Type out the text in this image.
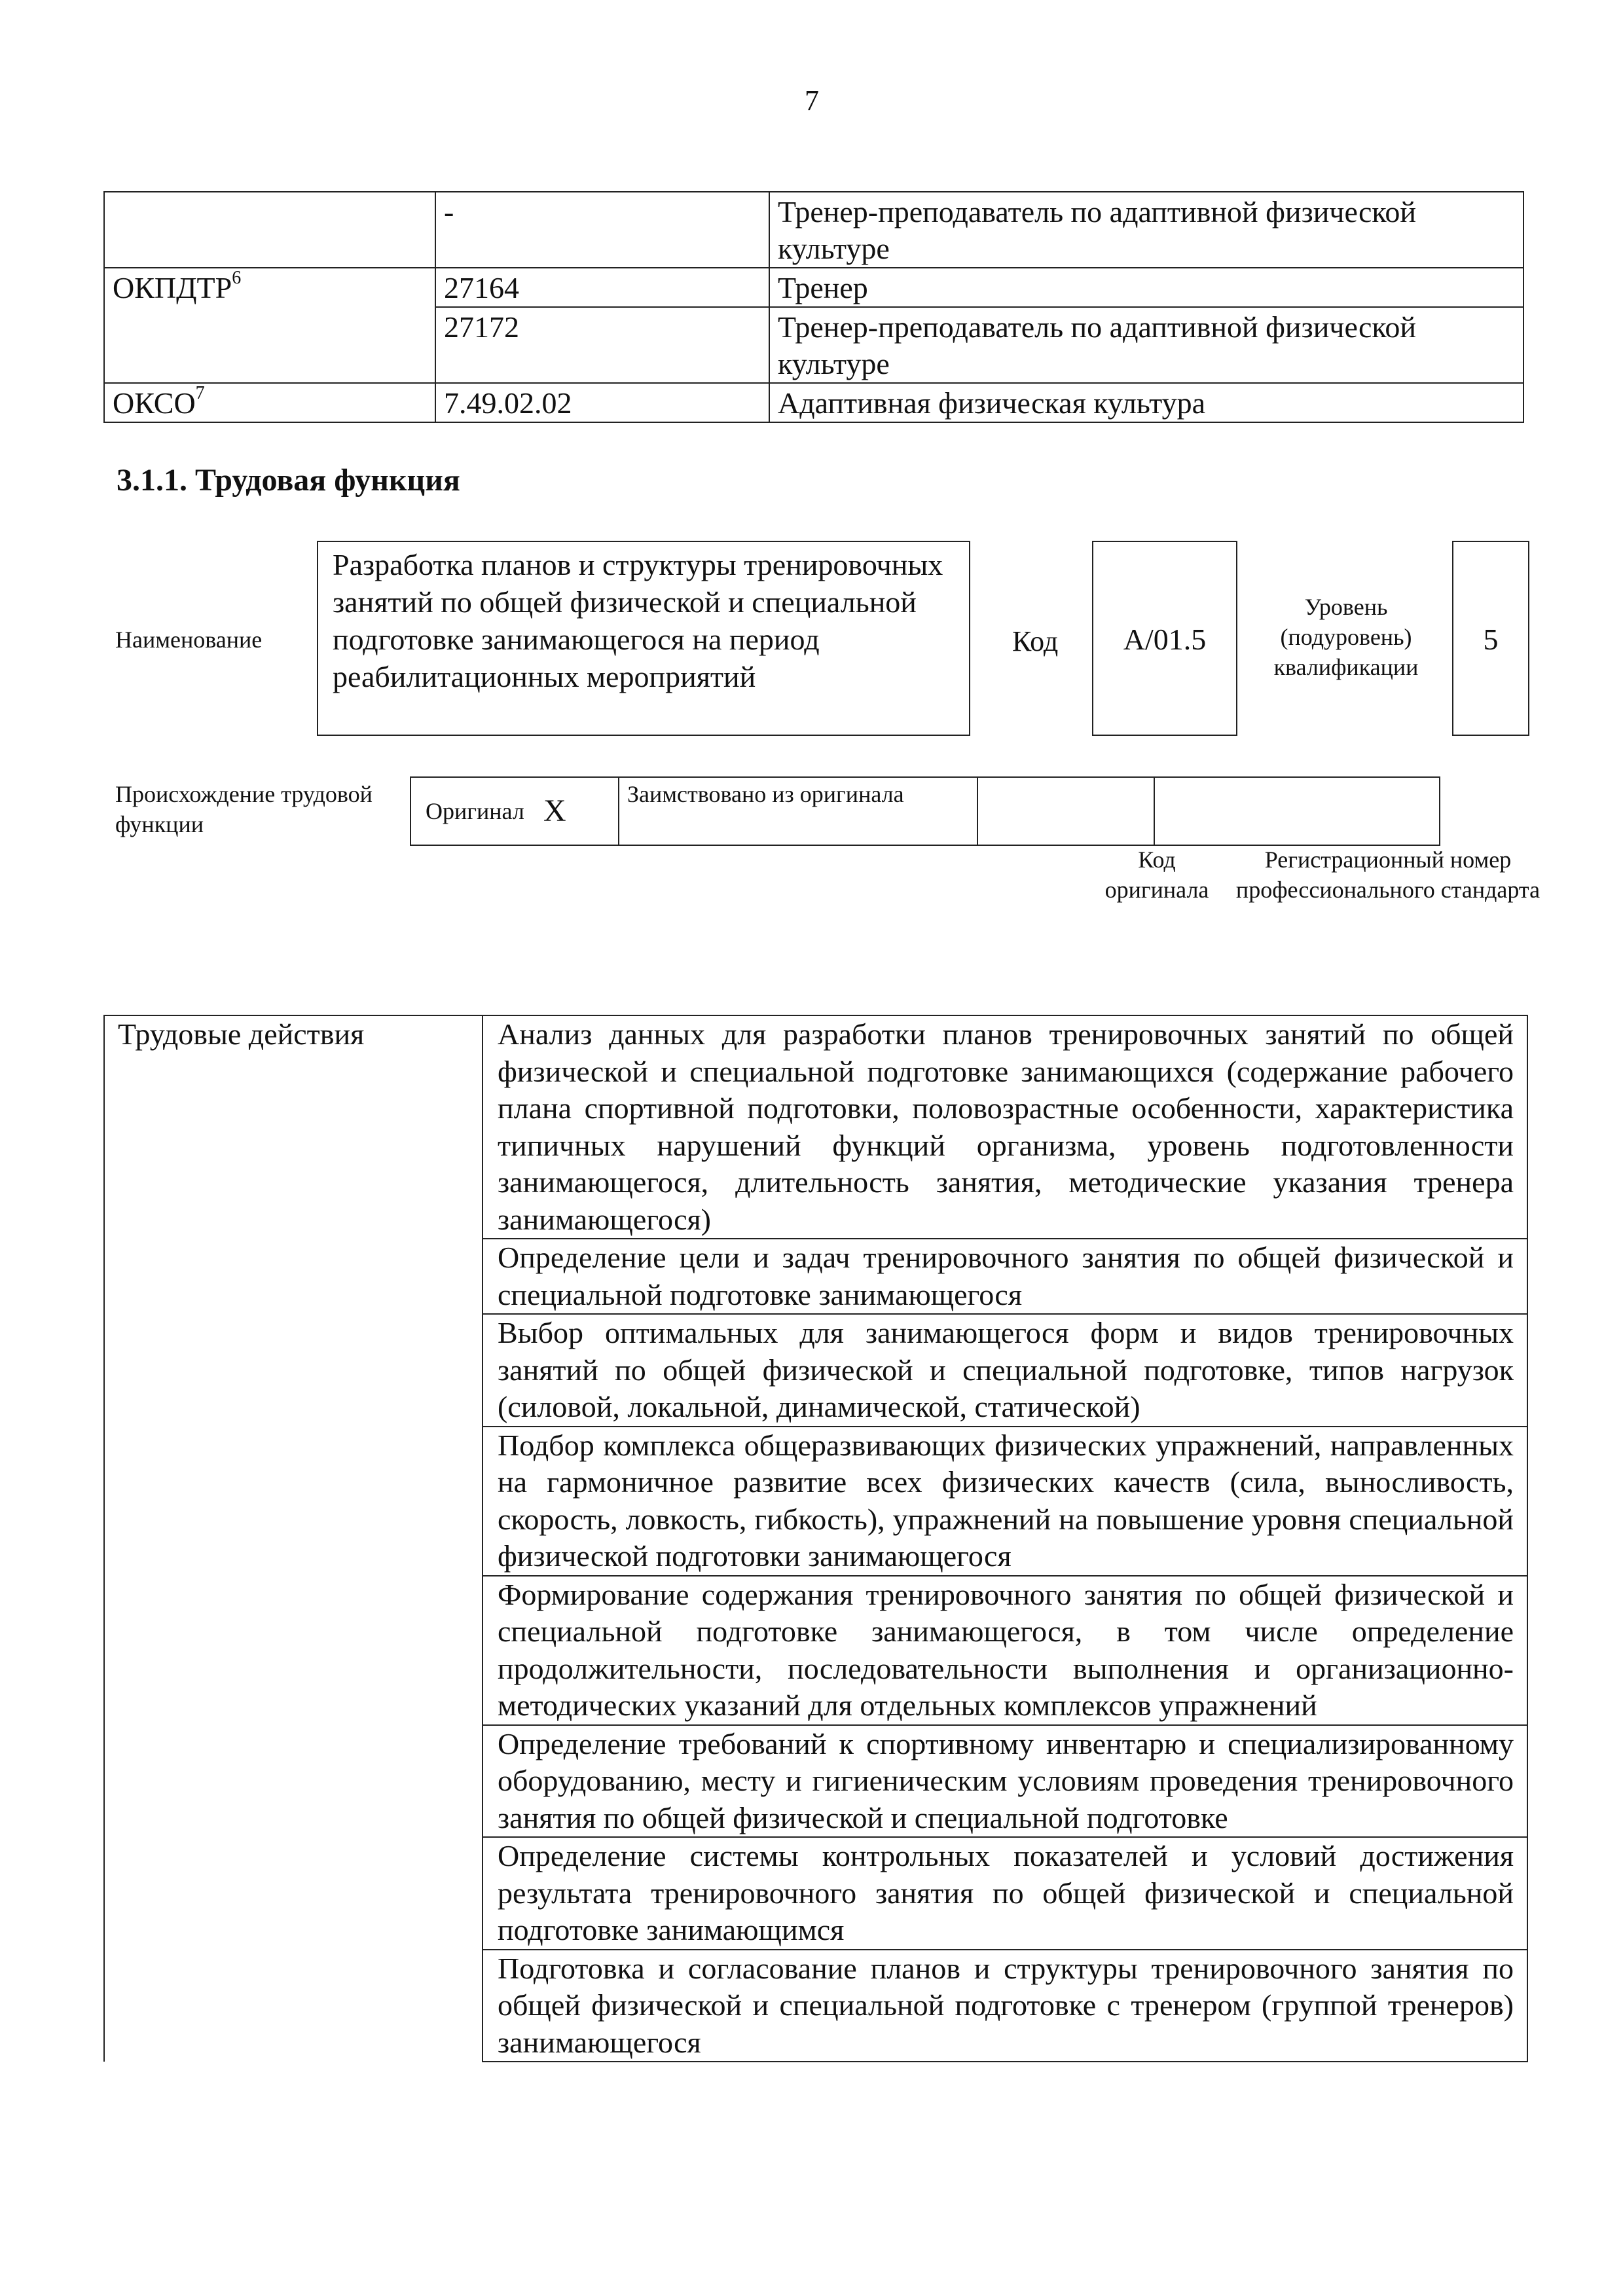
7
	-	Тренер-преподаватель по адаптивной физической культуре
ОКПДТР$^6$	27164	Тренер
	27172	Тренер-преподаватель по адаптивной физической культуре
ОКСО$^7$	7.49.02.02	Адаптивная физическая культура
3.1.1. Трудовая функция
Наименование
Разработка планов и структуры тренировочных занятий по общей физической и специальной подготовке занимающегося на период реабилитационных мероприятий
Код	A/01.5
Уровень (подуровень) квалификации
5
Происхождение трудовой функции	Оригинал	X	Заимствовано из оригинала		
Код оригинала
Регистрационный номер профессионального стандарта
Трудовые действия	Анализ данных для разработки планов тренировочных занятий по общей физической и специальной подготовке занимающихся (содержание рабочего плана спортивной подготовки, половозрастные особенности, характеристика типичных нарушений функций организма, уровень подготовленности занимающегося, длительность занятия, методические указания тренера занимающегося)
Определение цели и задач тренировочного занятия по общей физической и специальной подготовке занимающегося
Выбор оптимальных для занимающегося форм и видов тренировочных занятий по общей физической и специальной подготовке, типов нагрузок (силовой, локальной, динамической, статической)
Подбор комплекса общеразвивающих физических упражнений, направленных на гармоничное развитие всех физических качеств (сила, выносливость, скорость, ловкость, гибкость), упражнений на повышение уровня специальной физической подготовки занимающегося
Формирование содержания тренировочного занятия по общей физической и специальной подготовке занимающегося, в том числе определение продолжительности, последовательности выполнения и организационно-методических указаний для отдельных комплексов упражнений
Определение требований к спортивному инвентарю и специализированному оборудованию, месту и гигиеническим условиям проведения тренировочного занятия по общей физической и специальной подготовке
Определение системы контрольных показателей и условий достижения результата тренировочного занятия по общей физической и специальной подготовке занимающимся
Подготовка и согласование планов и структуры тренировочного занятия по общей физической и специальной подготовке с тренером (группой тренеров) занимающегося
